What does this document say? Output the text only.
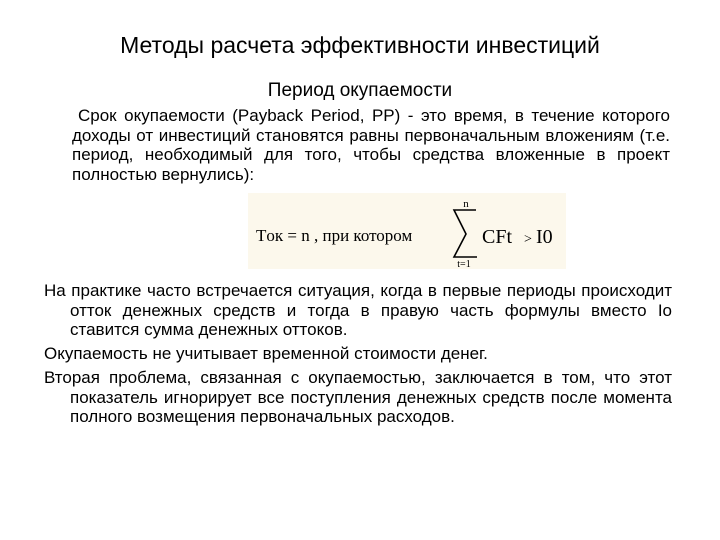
Методы расчета эффективности инвестиций
Период окупаемости
Срок окупаемости (Payback Period, PP) - это время, в течение которого доходы от инвестиций становятся равны первоначальным вложениям (т.е. период, необходимый для того, чтобы средства вложенные в проект полностью вернулись):
Tок = n , при котором
n
t=1
CFt > I0
На практике часто встречается ситуация, когда в первые периоды происходит отток денежных средств и тогда в правую часть формулы вместо Io ставится сумма денежных оттоков.
Окупаемость не учитывает временной стоимости денег.
Вторая проблема, связанная с окупаемостью, заключается в том, что этот показатель игнорирует все поступления денежных средств после момента полного возмещения первоначальных расходов.
